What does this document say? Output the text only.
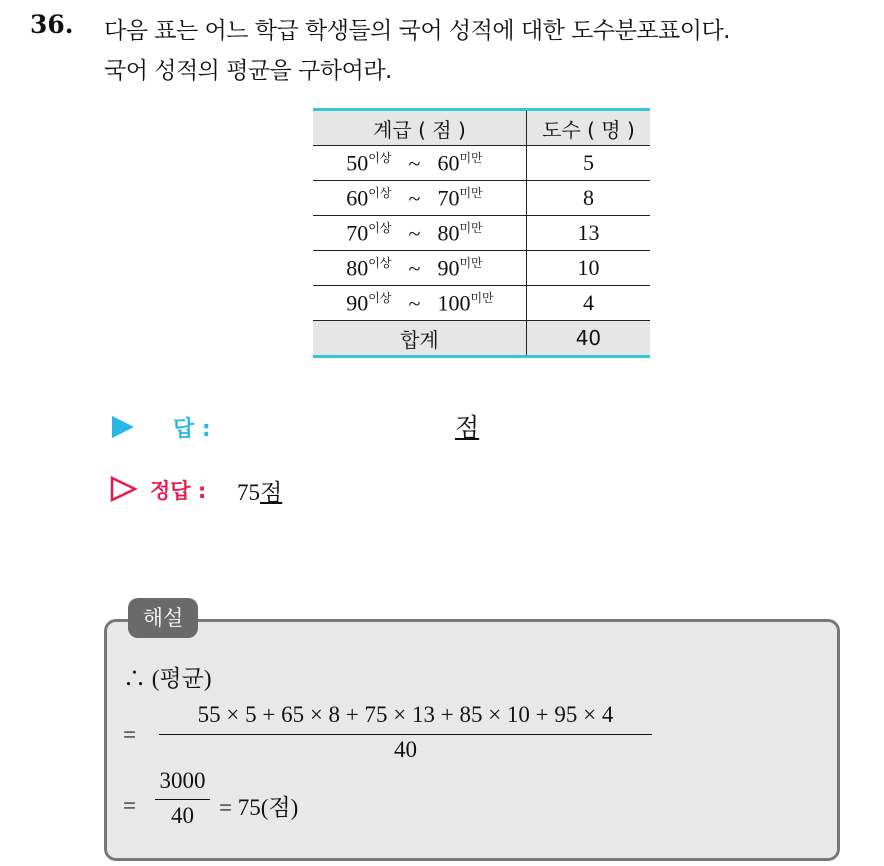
36. 다음 표는 어느 학급 학생들의 국어 성적에 대한 도수분포표이다.
국어 성적의 평균을 구하여라.
계급 ( 점 )	도수 ( 명 )
$50^{이상}$ ~ $60^{미만}$	5
$60^{이상}$ ~ $70^{미만}$	8
$70^{이상}$ ~ $80^{미만}$	13
$80^{이상}$ ~ $90^{미만}$	10
$90^{이상}$ ~ $100^{미만}$	4
합계	40
답 :	점
정답 : 75점
해설
∴ (평균)
=
55 × 5 + 65 × 8 + 75 × 13 + 85 × 10 + 95 × 4
40
=
3000
40	= 75(점)
